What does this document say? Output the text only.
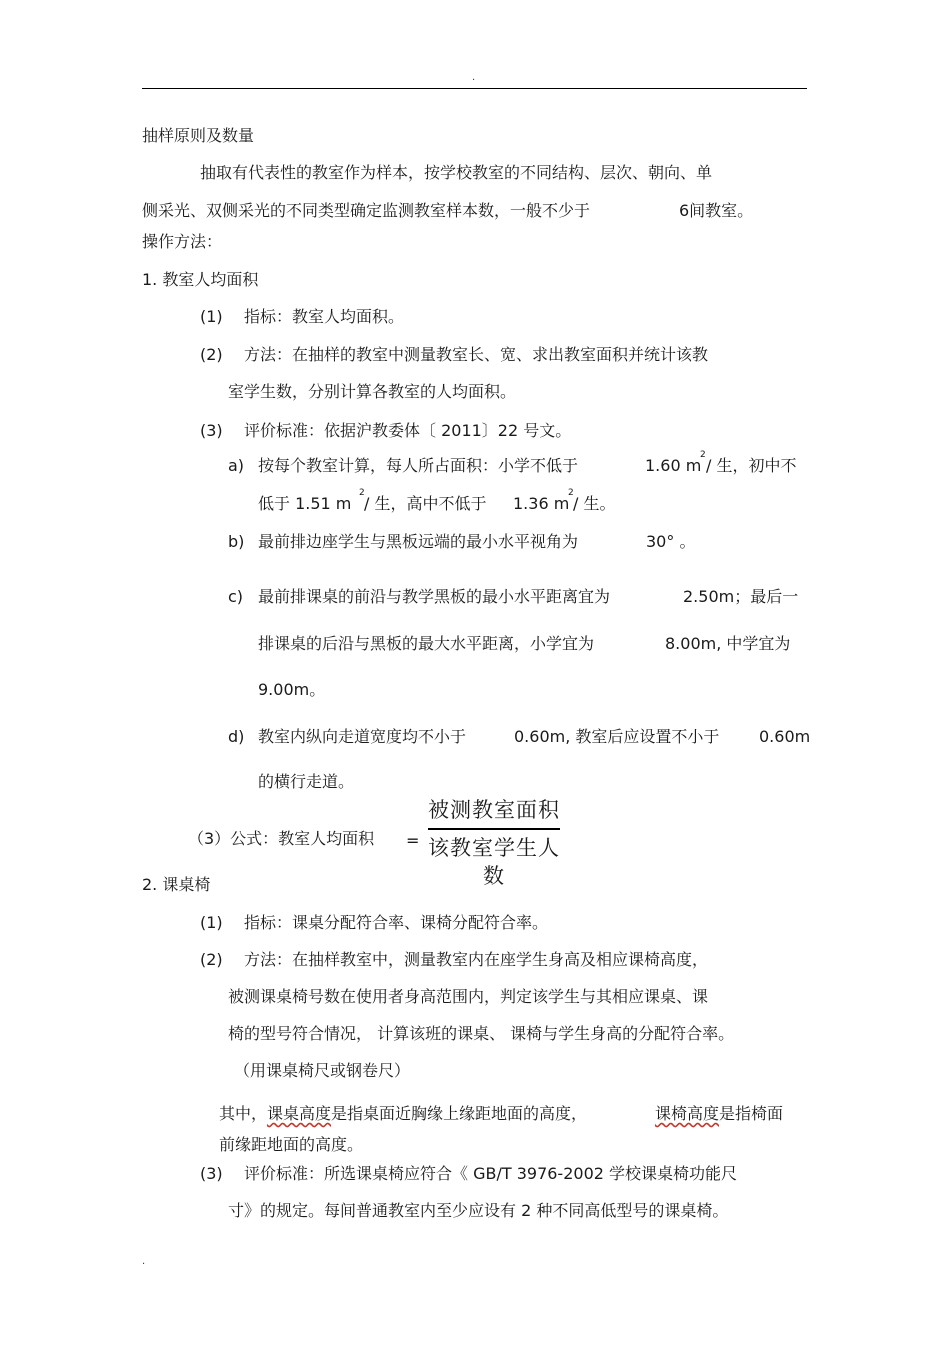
.
抽样原则及数量
抽取有代表性的教室作为样本，按学校教室的不同结构、层次、朝向、单
侧采光、双侧采光的不同类型确定监测教室样本数，一般不少于	6间教室。
操作方法：
1. 教室人均面积
(1) 指标：教室人均面积。
(2) 方法：在抽样的教室中测量教室长、宽、求出教室面积并统计该教
室学生数，分别计算各教室的人均面积。
(3) 评价标准：依据沪教委体〔 2011〕22 号文。
a) 按每个教室计算，每人所占面积：小学不低于	1.60 m
2
/ 生，初中不
低于 1.51 m
2
/ 生，高中不低于 1.36 m
2
/ 生。
b) 最前排边座学生与黑板远端的最小水平视角为	30° 。
c) 最前排课桌的前沿与教学黑板的最小水平距离宜为	2.50m；最后一
排课桌的后沿与黑板的最大水平距离，小学宜为	8.00m, 中学宜为
9.00m。
d) 教室内纵向走道宽度均不小于	0.60m, 教室后应设置不小于 0.60m
的横行走道。
（3）公式：教室人均面积 =
被测教室面积
该教室学生人数
2. 课桌椅
(1) 指标：课桌分配符合率、课椅分配符合率。
(2) 方法：在抽样教室中，测量教室内在座学生身高及相应课椅高度，
被测课桌椅号数在使用者身高范围内，判定该学生与其相应课桌、课
椅的型号符合情况， 计算该班的课桌、 课椅与学生身高的分配符合率。
（用课桌椅尺或钢卷尺）
其中，课桌高度是指桌面近胸缘上缘距地面的高度，	课椅高度是指椅面
前缘距地面的高度。
(3) 评价标准：所选课桌椅应符合《 GB/T 3976-2002 学校课桌椅功能尺
寸》的规定。每间普通教室内至少应设有 2 种不同高低型号的课桌椅。
.
